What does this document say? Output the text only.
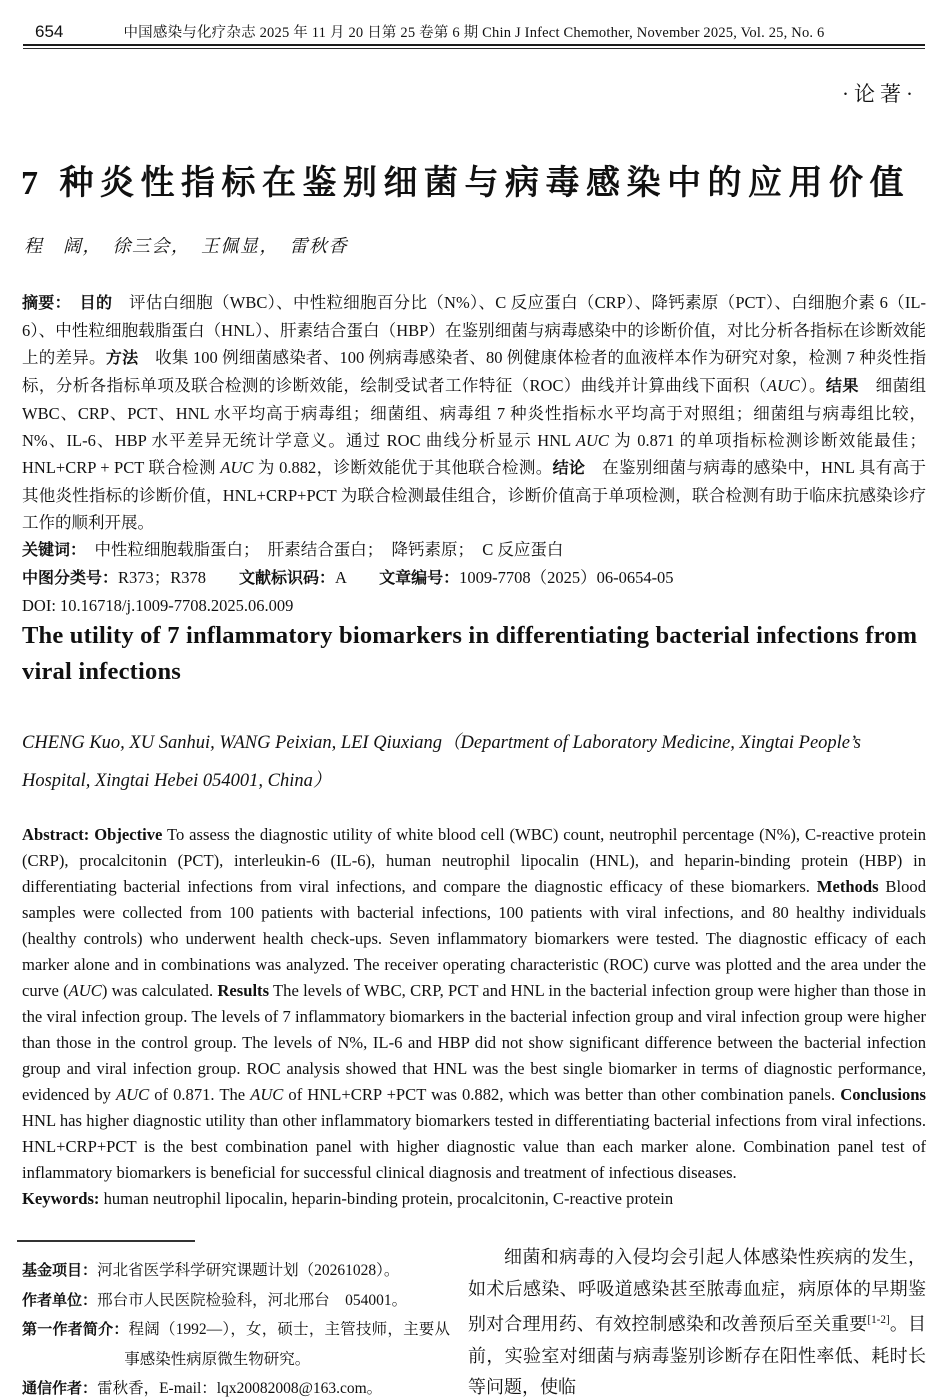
654	中国感染与化疗杂志 2025 年 11 月 20 日第 25 卷第 6 期 Chin J Infect Chemother, November 2025, Vol. 25, No. 6
·论著·
7 种炎性指标在鉴别细菌与病毒感染中的应用价值
程　阔，　徐三会，　王佩显，　雷秋香

摘要：　 目的　评估白细胞（WBC）、中性粒细胞百分比（N%）、C 反应蛋白（CRP）、降钙素原（PCT）、白细胞介素 6（IL-6）、中性粒细胞载脂蛋白（HNL）、肝素结合蛋白（HBP）在鉴别细菌与病毒感染中的诊断价值，对比分析各指标在诊断效能上的差异。方法　收集 100 例细菌感染者、100 例病毒感染者、80 例健康体检者的血液样本作为研究对象，检测 7 种炎性指标，分析各指标单项及联合检测的诊断效能，绘制受试者工作特征（ROC）曲线并计算曲线下面积（AUC）。结果　细菌组 WBC、CRP、PCT、HNL 水平均高于病毒组；细菌组、病毒组 7 种炎性指标水平均高于对照组；细菌组与病毒组比较，N%、IL-6、HBP 水平差异无统计学意义。通过 ROC 曲线分析显示 HNL AUC 为 0.871 的单项指标检测诊断效能最佳；HNL+CRP + PCT 联合检测 AUC 为 0.882，诊断效能优于其他联合检测。结论　在鉴别细菌与病毒的感染中，HNL 具有高于其他炎性指标的诊断价值，HNL+CRP+PCT 为联合检测最佳组合，诊断价值高于单项检测，联合检测有助于临床抗感染诊疗工作的顺利开展。

关键词：　中性粒细胞载脂蛋白；　肝素结合蛋白；　降钙素原；　C 反应蛋白
中图分类号：R373；R378　　 文献标识码：A　　 文章编号：1009-7708（2025）06-0654-05
DOI: 10.16718/j.1009-7708.2025.06.009
The utility of 7 inflammatory biomarkers in differentiating bacterial infections from viral infections
CHENG Kuo, XU Sanhui, WANG Peixian, LEI Qiuxiang（Department of Laboratory Medicine, Xingtai People’s Hospital, Xingtai Hebei 054001, China）

Abstract: Objective To assess the diagnostic utility of white blood cell (WBC) count, neutrophil percentage (N%), C-reactive protein (CRP), procalcitonin (PCT), interleukin-6 (IL-6), human neutrophil lipocalin (HNL), and heparin-binding protein (HBP) in differentiating bacterial infections from viral infections, and compare the diagnostic efficacy of these biomarkers. Methods Blood samples were collected from 100 patients with bacterial infections, 100 patients with viral infections, and 80 healthy individuals (healthy controls) who underwent health check-ups. Seven inflammatory biomarkers were tested. The diagnostic efficacy of each marker alone and in combinations was analyzed. The receiver operating characteristic (ROC) curve was plotted and the area under the curve (AUC) was calculated. Results The levels of WBC, CRP, PCT and HNL in the bacterial infection group were higher than those in the viral infection group. The levels of 7 inflammatory biomarkers in the bacterial infection group and viral infection group were higher than those in the control group. The levels of N%, IL-6 and HBP did not show significant difference between the bacterial infection group and viral infection group. ROC analysis showed that HNL was the best single biomarker in terms of diagnostic performance, evidenced by AUC of 0.871. The AUC of HNL+CRP +PCT was 0.882, which was better than other combination panels. Conclusions HNL has higher diagnostic utility than other inflammatory biomarkers tested in differentiating bacterial infections from viral infections. HNL+CRP+PCT is the best combination panel with higher diagnostic value than each marker alone. Combination panel test of inflammatory biomarkers is beneficial for successful clinical diagnosis and treatment of infectious diseases.

Keywords: human neutrophil lipocalin, heparin-binding protein, procalcitonin, C-reactive protein
基金项目：河北省医学科学研究课题计划（20261028）。
作者单位：邢台市人民医院检验科，河北邢台　054001。
第一作者简介：程阔（1992—），女，硕士，主管技师，主要从事感染性病原微生物研究。
通信作者：雷秋香，E-mail：lqx20082008@163.com。

细菌和病毒的入侵均会引起人体感染性疾病的发生，如术后感染、呼吸道感染甚至脓毒血症，病原体的早期鉴别对合理用药、有效控制感染和改善预后至关重要[1-2]。目前，实验室对细菌与病毒鉴别诊断存在阳性率低、耗时长等问题，使临
